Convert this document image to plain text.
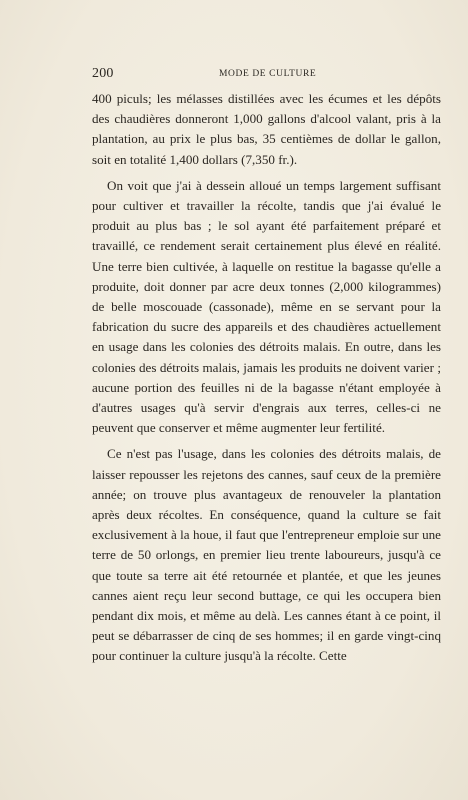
200	MODE DE CULTURE

400 piculs; les mélasses distillées avec les écumes et les dépôts des chaudières donneront 1,000 gallons d'alcool valant, pris à la plantation, au prix le plus bas, 35 centièmes de dollar le gallon, soit en totalité 1,400 dollars (7,350 fr.).

On voit que j'ai à dessein alloué un temps largement suffisant pour cultiver et travailler la récolte, tandis que j'ai évalué le produit au plus bas ; le sol ayant été parfaitement préparé et travaillé, ce rendement serait certainement plus élevé en réalité. Une terre bien cultivée, à laquelle on restitue la bagasse qu'elle a produite, doit donner par acre deux tonnes (2,000 kilogrammes) de belle moscouade (cassonade), même en se servant pour la fabrication du sucre des appareils et des chaudières actuellement en usage dans les colonies des détroits malais. En outre, dans les colonies des détroits malais, jamais les produits ne doivent varier ; aucune portion des feuilles ni de la bagasse n'étant employée à d'autres usages qu'à servir d'engrais aux terres, celles-ci ne peuvent que conserver et même augmenter leur fertilité.

Ce n'est pas l'usage, dans les colonies des détroits malais, de laisser repousser les rejetons des cannes, sauf ceux de la première année; on trouve plus avantageux de renouveler la plantation après deux récoltes. En conséquence, quand la culture se fait exclusivement à la houe, il faut que l'entrepreneur emploie sur une terre de 50 orlongs, en premier lieu trente laboureurs, jusqu'à ce que toute sa terre ait été retournée et plantée, et que les jeunes cannes aient reçu leur second buttage, ce qui les occupera bien pendant dix mois, et même au delà. Les cannes étant à ce point, il peut se débarrasser de cinq de ses hommes; il en garde vingt-cinq pour continuer la culture jusqu'à la récolte. Cette
